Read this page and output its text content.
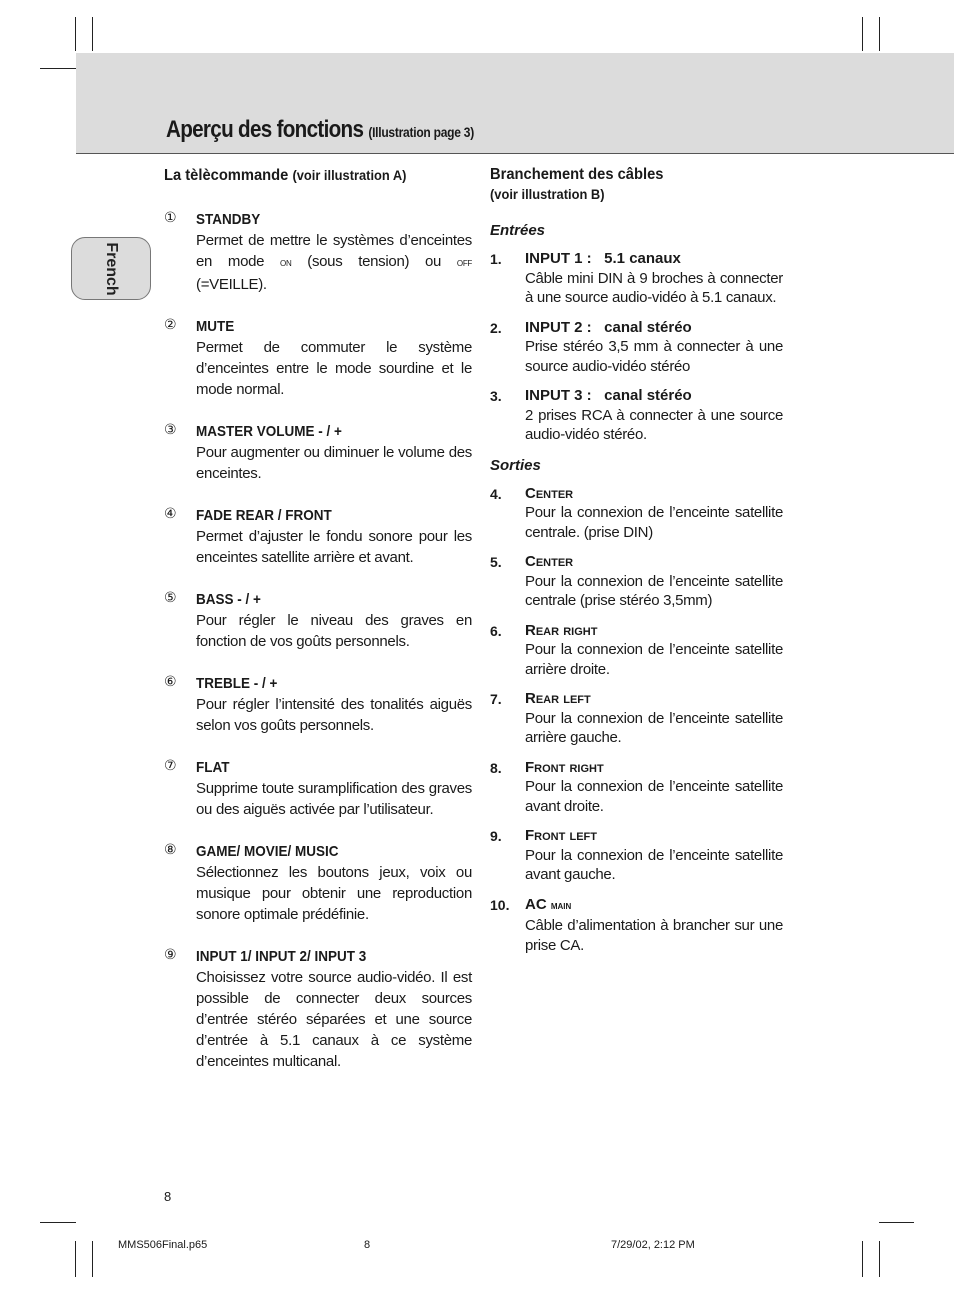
Aperçu des fonctions (Illustration page 3)
French
La tèlècommande (voir illustration A)
① STANDBY
Permet de mettre le systèmes d’enceintes en mode on (sous tension) ou off (=VEILLE).
② MUTE
Permet de commuter le système d’enceintes entre le mode sourdine et le mode normal.
③ MASTER VOLUME - / +
Pour augmenter ou diminuer le volume des enceintes.
④ FADE REAR / FRONT
Permet d’ajuster le fondu sonore pour les enceintes satellite arrière et avant.
⑤ BASS - / +
Pour régler le niveau des graves en fonction de vos goûts personnels.
⑥ TREBLE - / +
Pour régler l’intensité des tonalités aiguës selon vos goûts personnels.
⑦ FLAT
Supprime toute suramplification des graves ou des aiguës activée par l’utilisateur.
⑧ GAME/ MOVIE/ MUSIC
Sélectionnez les boutons jeux, voix ou musique pour obtenir une reproduction sonore optimale prédéfinie.
⑨ INPUT 1/ INPUT 2/ INPUT 3
Choisissez votre source audio-vidéo. Il est possible de connecter deux sources d’entrée stéréo séparées et une source d’entrée à 5.1 canaux à ce système d’enceintes multicanal.
Branchement des câbles
(voir illustration B)
Entrées
1. INPUT 1 :   5.1 canaux
Câble mini DIN à 9 broches à connecter à une source audio-vidéo à 5.1 canaux.
2. INPUT 2 :   canal stéréo
Prise stéréo 3,5 mm à connecter à une source audio-vidéo stéréo
3. INPUT 3 :   canal stéréo
2 prises RCA à connecter à une source audio-vidéo stéréo.
Sorties
4. Center
Pour la connexion de l’enceinte satellite centrale. (prise DIN)
5. Center
Pour la connexion de l’enceinte satellite centrale (prise stéréo 3,5mm)
6. Rear right
Pour la connexion de l’enceinte satellite arrière droite.
7. Rear left
Pour la connexion de l’enceinte satellite arrière gauche.
8. Front right
Pour la connexion de l’enceinte satellite avant droite.
9. Front left
Pour la connexion de l’enceinte satellite avant gauche.
10. AC main
Câble d’alimentation à brancher sur une prise CA.
8
MMS506Final.p65	8	7/29/02, 2:12 PM
